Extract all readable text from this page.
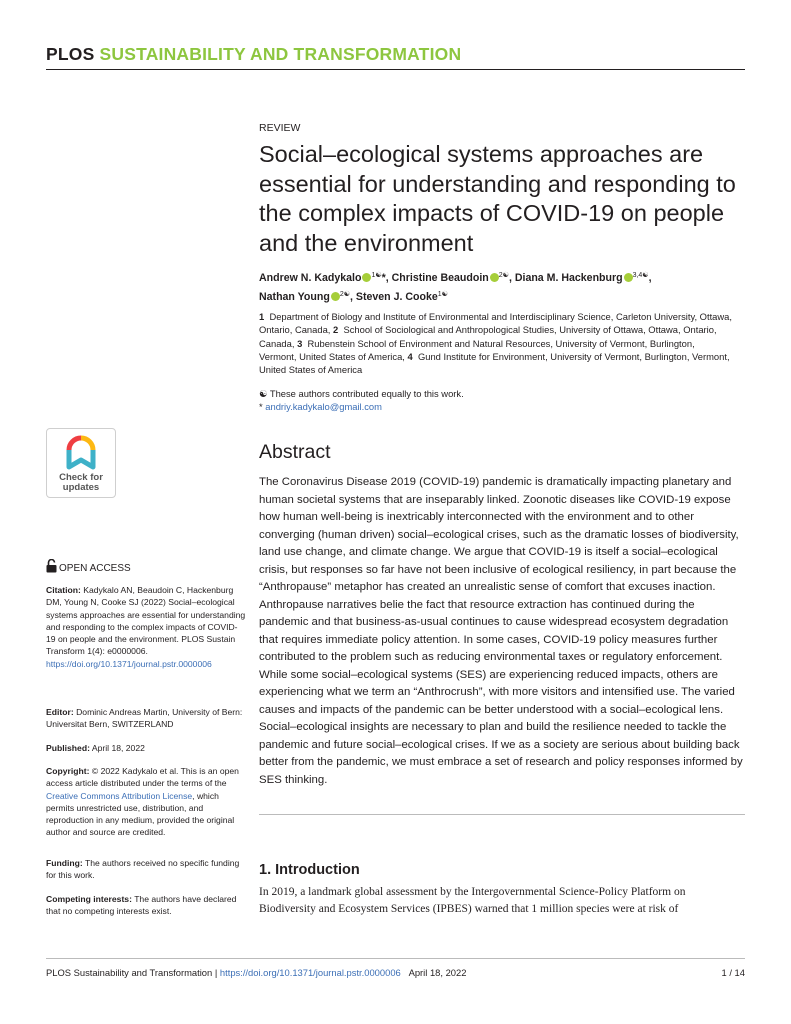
PLOS SUSTAINABILITY AND TRANSFORMATION
REVIEW
Social–ecological systems approaches are essential for understanding and responding to the complex impacts of COVID-19 on people and the environment
Andrew N. Kadykalo $^{1☯}$*, Christine Beaudoin $^{2☯}$, Diana M. Hackenburg $^{3,4☯}$,
Nathan Young $^{2☯}$, Steven J. Cooke$^{1☯}$
1 Department of Biology and Institute of Environmental and Interdisciplinary Science, Carleton University, Ottawa, Ontario, Canada, 2 School of Sociological and Anthropological Studies, University of Ottawa, Ottawa, Ontario, Canada, 3 Rubenstein School of Environment and Natural Resources, University of Vermont, Burlington, Vermont, United States of America, 4 Gund Institute for Environment, University of Vermont, Burlington, Vermont, United States of America
☯ These authors contributed equally to this work.
* andriy.kadykalo@gmail.com
Check for updates
OPEN ACCESS
Citation: Kadykalo AN, Beaudoin C, Hackenburg DM, Young N, Cooke SJ (2022) Social–ecological systems approaches are essential for understanding and responding to the complex impacts of COVID-19 on people and the environment. PLOS Sustain Transform 1(4): e0000006. https://doi.org/10.1371/journal.pstr.0000006
Editor: Dominic Andreas Martin, University of Bern: Universitat Bern, SWITZERLAND
Published: April 18, 2022
Copyright: © 2022 Kadykalo et al. This is an open access article distributed under the terms of the Creative Commons Attribution License, which permits unrestricted use, distribution, and reproduction in any medium, provided the original author and source are credited.
Funding: The authors received no specific funding for this work.
Competing interests: The authors have declared that no competing interests exist.
Abstract

The Coronavirus Disease 2019 (COVID-19) pandemic is dramatically impacting planetary and human societal systems that are inseparably linked. Zoonotic diseases like COVID-19 expose how human well-being is inextricably interconnected with the environment and to other converging (human driven) social–ecological crises, such as the dramatic losses of biodiversity, land use change, and climate change. We argue that COVID-19 is itself a social–ecological crisis, but responses so far have not been inclusive of ecological resiliency, in part because the “Anthropause” metaphor has created an unrealistic sense of comfort that excuses inaction. Anthropause narratives belie the fact that resource extraction has continued during the pandemic and that business-as-usual continues to cause widespread ecosystem degradation that requires immediate policy attention. In some cases, COVID-19 policy measures further contributed to the problem such as reducing environmental taxes or regulatory enforcement. While some social–ecological systems (SES) are experiencing reduced impacts, others are experiencing what we term an “Anthrocrush”, with more visitors and intensified use. The varied causes and impacts of the pandemic can be better understood with a social–ecological lens. Social–ecological insights are necessary to plan and build the resilience needed to tackle the pandemic and future social–ecological crises. If we as a society are serious about building back better from the pandemic, we must embrace a set of research and policy responses informed by SES thinking.

1. Introduction

In 2019, a landmark global assessment by the Intergovernmental Science-Policy Platform on Biodiversity and Ecosystem Services (IPBES) warned that 1 million species were at risk of

PLOS Sustainability and Transformation | https://doi.org/10.1371/journal.pstr.0000006 April 18, 2022	1 / 14
